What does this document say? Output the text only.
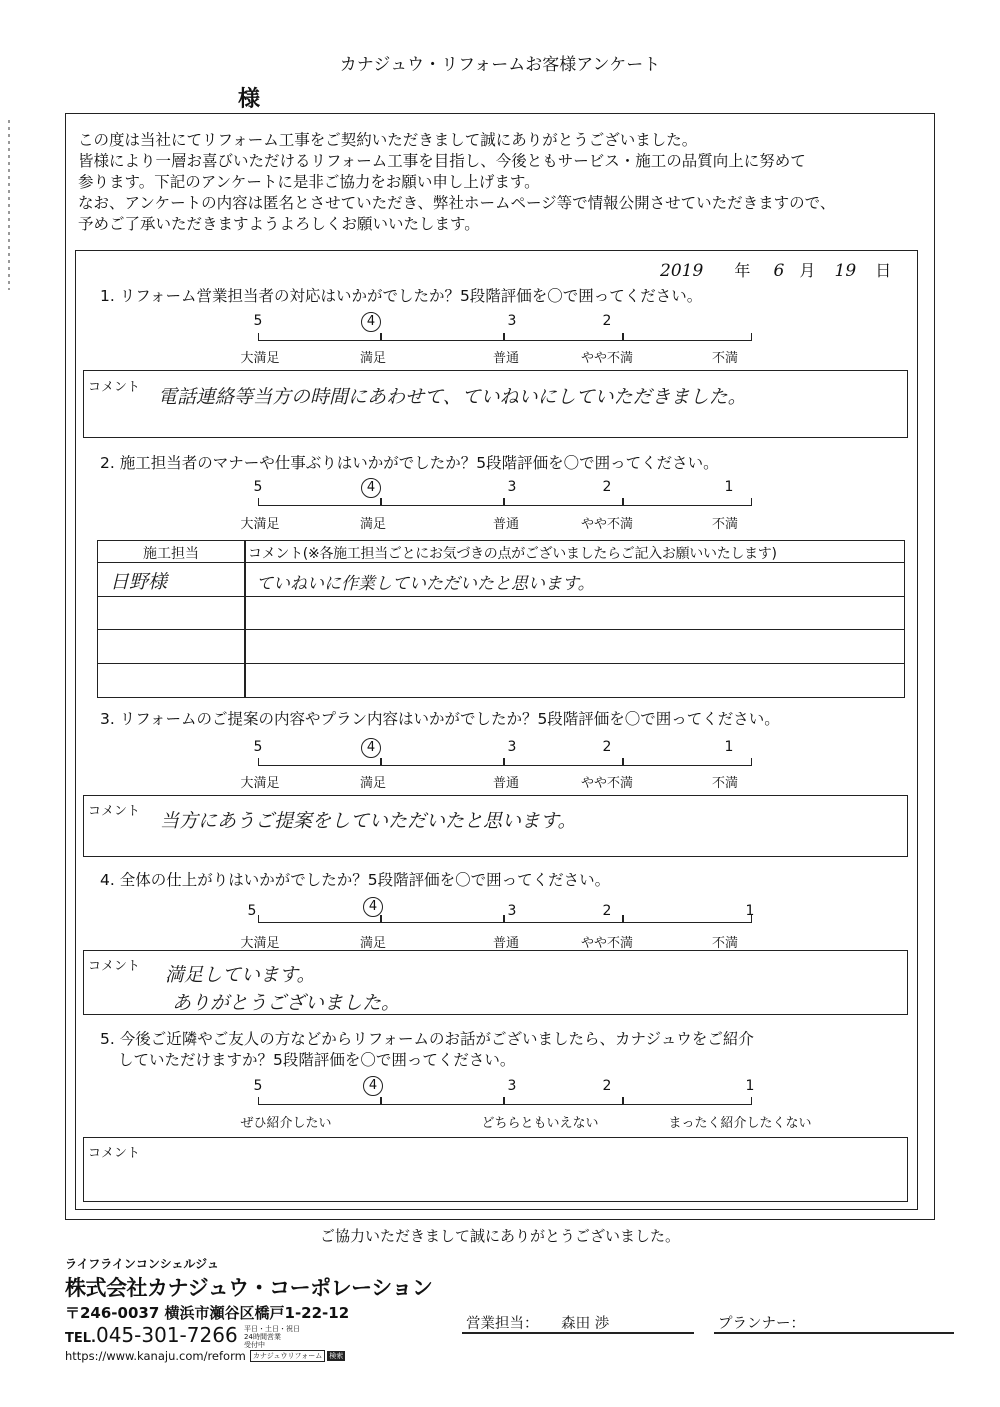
カナジュウ・リフォームお客様アンケート
様
この度は当社にてリフォーム工事をご契約いただきまして誠にありがとうございました。
皆様により一層お喜びいただけるリフォーム工事を目指し、今後ともサービス・施工の品質向上に努めて
参ります。下記のアンケートに是非ご協力をお願い申し上げます。
なお、アンケートの内容は匿名とさせていただき、弊社ホームページ等で情報公開させていただきますので、
予めご了承いただきますようよろしくお願いいたします。
2019 年 6 月 19 日
1. リフォーム営業担当者の対応はいかがでしたか？5段階評価を〇で囲ってください。
5	4	3	2
大満足	満足	普通	やや不満	不満
コメント 電話連絡等当方の時間にあわせて、ていねいにしていただきました。
2. 施工担当者のマナーや仕事ぶりはいかがでしたか？5段階評価を〇で囲ってください。
5	4	3	2	1
大満足	満足	普通	やや不満	不満
施工担当	コメント(※各施工担当ごとにお気づきの点がございましたらご記入お願いいたします)
日野様	ていねいに作業していただいたと思います。
3. リフォームのご提案の内容やプラン内容はいかがでしたか？5段階評価を〇で囲ってください。
5	4	3	2	1
大満足	満足	普通	やや不満	不満
コメント 当方にあうご提案をしていただいたと思います。
4. 全体の仕上がりはいかがでしたか？5段階評価を〇で囲ってください。
5	4	3	2	1
大満足	満足	普通	やや不満	不満
コメント 満足しています。
ありがとうございました。
5. 今後ご近隣やご友人の方などからリフォームのお話がございましたら、カナジュウをご紹介
していただけますか？5段階評価を〇で囲ってください。
5	4	3	2	1
ぜひ紹介したい	どちらともいえない	まったく紹介したくない
コメント
ご協力いただきまして誠にありがとうございました。
ライフラインコンシェルジュ
株式会社カナジュウ・コーポレーション
〒246-0037 横浜市瀬谷区橋戸1-22-12
TEL.045-301-7266 平日・土日・祝日
24時間営業
受付中
https://www.kanaju.com/reform カナジュウリフォーム 検索
営業担当： 森田 渉	プランナー：
